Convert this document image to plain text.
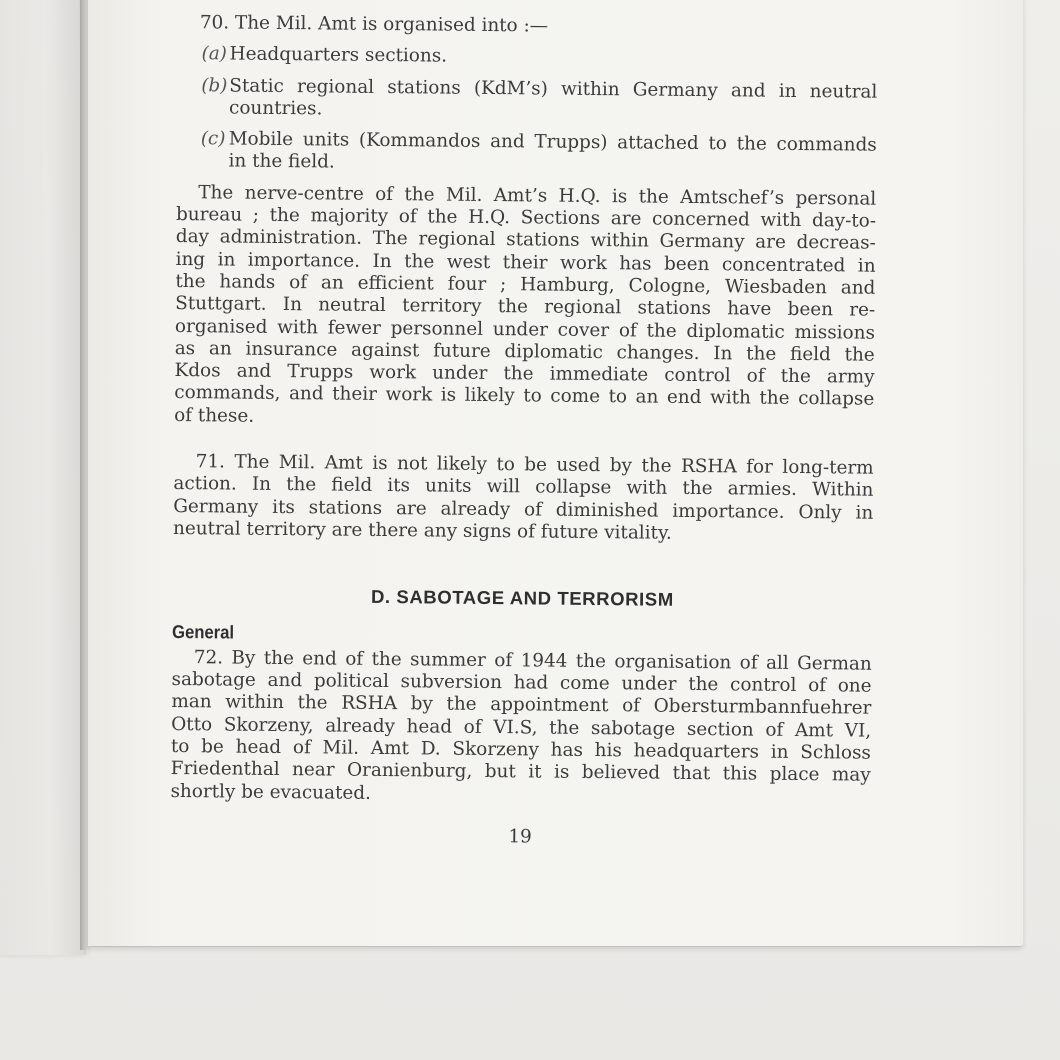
70. The Mil. Amt is organised into :—
(a) Headquarters sections.

(b) Static regional stations (KdM’s) within Germany and in neutral

countries.

(c) Mobile units (Kommandos and Trupps) attached to the commands

in the field.

The nerve-centre of the Mil. Amt’s H.Q. is the Amtschef’s personal

bureau ; the majority of the H.Q. Sections are concerned with day-to-

day administration. The regional stations within Germany are decreas-

ing in importance. In the west their work has been concentrated in

the hands of an efficient four ; Hamburg, Cologne, Wiesbaden and

Stuttgart. In neutral territory the regional stations have been re-

organised with fewer personnel under cover of the diplomatic missions

as an insurance against future diplomatic changes. In the field the

Kdos and Trupps work under the immediate control of the army

commands, and their work is likely to come to an end with the collapse

of these.

71. The Mil. Amt is not likely to be used by the RSHA for long-term

action. In the field its units will collapse with the armies. Within

Germany its stations are already of diminished importance. Only in

neutral territory are there any signs of future vitality.

D. SABOTAGE AND TERRORISM
General

72. By the end of the summer of 1944 the organisation of all German

sabotage and political subversion had come under the control of one

man within the RSHA by the appointment of Obersturmbannfuehrer

Otto Skorzeny, already head of VI.S, the sabotage section of Amt VI,

to be head of Mil. Amt D. Skorzeny has his headquarters in Schloss

Friedenthal near Oranienburg, but it is believed that this place may

shortly be evacuated.

19
